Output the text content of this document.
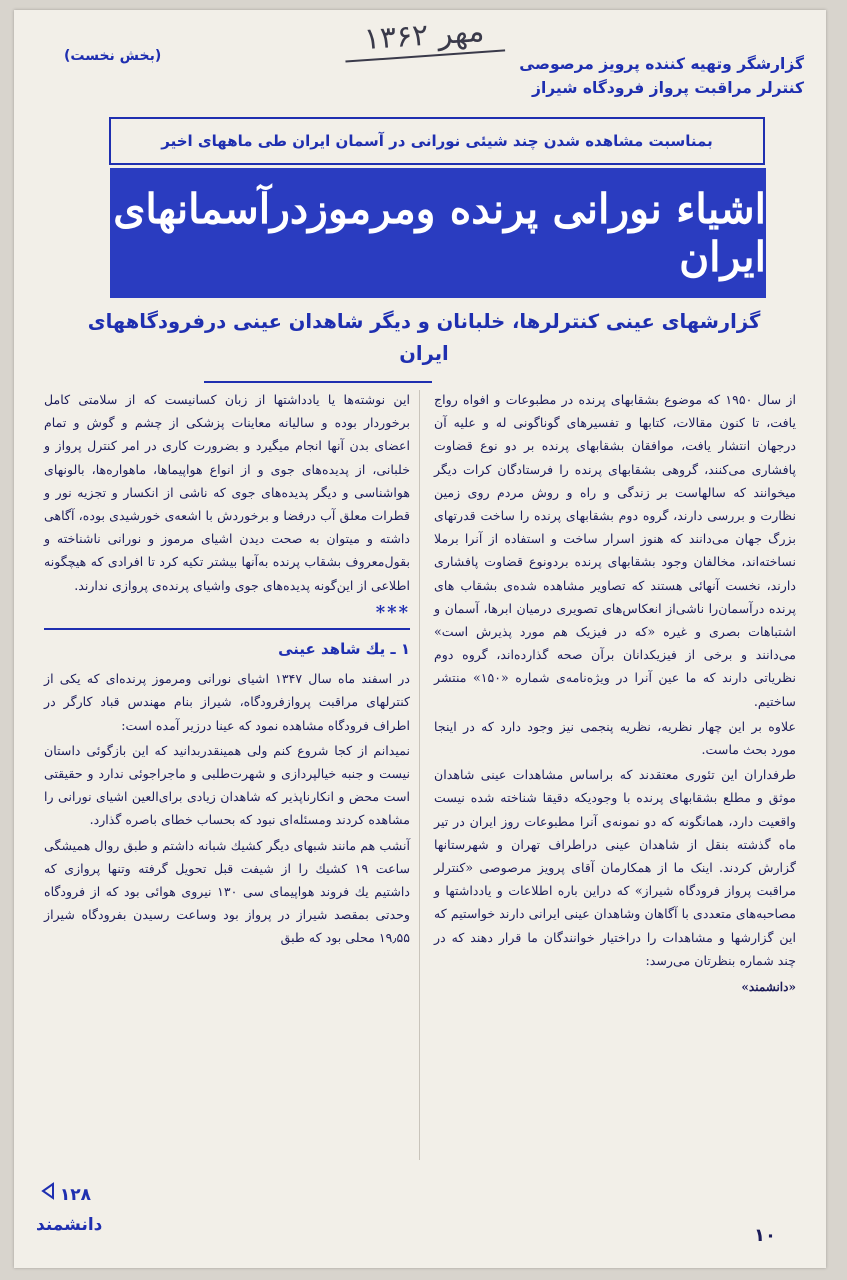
مهر ۱۳۶۲
(بخش نخست)	گزارشگر وتهیه کننده پرویز مرصوصی
کنترلر مراقبت پرواز فرودگاه شیراز
بمناسبت مشاهده شدن چند شیئی نورانی در آسمان ایران طی ماههای اخیر
اشیاء نورانی پرنده ومرموزدرآسمانهای ایران
گزارشهای عینی کنترلرها، خلبانان و دیگر شاهدان عینی درفرودگاههای ایران

از سال ۱۹۵۰ که موضوع بشقابهای پرنده در مطبوعات و افواه رواج یافت، تا کنون مقالات، کتابها و تفسیرهای گوناگونی له و علیه آن درجهان انتشار یافت، موافقان بشقابهای پرنده بر دو نوع قضاوت پافشاری می‌کنند، گروهی بشقابهای پرنده را فرستادگان کرات دیگر میخوانند که سالهاست بر زندگی و راه و روش مردم روی زمین نظارت و بررسی دارند، گروه دوم بشقابهای پرنده را ساخت قدرتهای بزرگ جهان می‌دانند که هنوز اسرار ساخت و استفاده از آنرا برملا نساخته‌اند، مخالفان وجود بشقابهای پرنده بردونوع قضاوت پافشاری دارند، نخست آنهائی هستند که تصاویر مشاهده شده‌ی بشقاب های پرنده درآسمان‌را ناشی‌از انعکاس‌های تصویری درمیان ابرها، آسمان و اشتباهات بصری و غیره «که در فیزیک هم مورد پذیرش است» می‌دانند و برخی از فیزیکدانان برآن صحه گذارده‌اند، گروه دوم نظریاتی دارند که ما عین آنرا در ویژه‌نامه‌ی شماره «۱۵۰» منتشر ساختیم.

علاوه بر این چهار نظریه، نظریه پنجمی نیز وجود دارد که در اینجا مورد بحث ماست.

طرفداران این تئوری معتقدند که براساس مشاهدات عینی شاهدان موثق و مطلع بشقابهای پرنده با وجودیکه دقیقا شناخته شده نیست واقعیت دارد، همانگونه که دو نمونه‌ی آنرا مطبوعات روز ایران در تیر ماه گذشته بنقل از شاهدان عینی دراطراف تهران و شهرستانها گزارش کردند. اینک ما از همکارمان آقای پرویز مرصوصی «کنترلر مراقبت پرواز فرودگاه شیراز» که دراین باره اطلاعات و یادداشتها و مصاحبه‌های متعددی با آگاهان وشاهدان عینی ایرانی دارند خواستیم که این گزارشها و مشاهدات را دراختیار خوانندگان ما قرار دهند که در چند شماره بنظرتان می‌رسد:

«دانشمند»

این نوشته‌ها یا یادداشتها از زبان کسانیست که از سلامتی کامل برخوردار بوده و سالیانه معاینات پزشکی از چشم و گوش و تمام اعضای بدن آنها انجام میگیرد و بضرورت کاری در امر کنترل پرواز و خلبانی، از پدیده‌های جوی و از انواع هواپیماها، ماهواره‌ها، بالونهای هواشناسی و دیگر پدیده‌های جوی که ناشی از انکسار و تجزیه نور و قطرات معلق آب درفضا و برخوردش با اشعه‌ی خورشیدی بوده، آگاهی داشته و میتوان به صحت دیدن اشیای مرموز و نورانی ناشناخته و بقول‌معروف بشقاب پرنده به‌آنها بیشتر تکیه کرد تا افرادی که هیچگونه اطلاعی از این‌گونه پدیده‌های جوی واشیای پرنده‌ی پروازی ندارند.

***
۱ ـ یك شاهد عینی

در اسفند ماه سال ۱۳۴۷ اشیای نورانی ومرموز پرنده‌ای که یکی از کنترلهای مراقبت پروازفرودگاه، شیراز بنام مهندس قباد کارگر در اطراف فرودگاه مشاهده نمود که عینا درزیر آمده است:

نمیدانم از کجا شروع کنم ولی همینقدربدانید که این بازگوئی داستان نیست و جنبه خیالپردازی و شهرت‌طلبی و ماجراجوئی ندارد و حقیقتی است محض و انکارناپذیر که شاهدان زیادی برای‌العین اشیای نورانی را مشاهده کردند ومسئله‌ای نبود که بحساب خطای باصره گذارد.

آنشب هم مانند شبهای دیگر کشیك شبانه داشتم و طبق روال همیشگی ساعت ۱۹ کشیك را از شیفت قبل تحویل گرفته وتنها پروازی که داشتیم یك فروند هواپیمای سی ۱۳۰ نیروی هوائی بود که از فرودگاه وحدتی بمقصد شیراز در پرواز بود وساعت رسیدن بفرودگاه شیراز ۱۹٫۵۵ محلی بود که طبق

۱۲۸
دانشمند	۱۰
